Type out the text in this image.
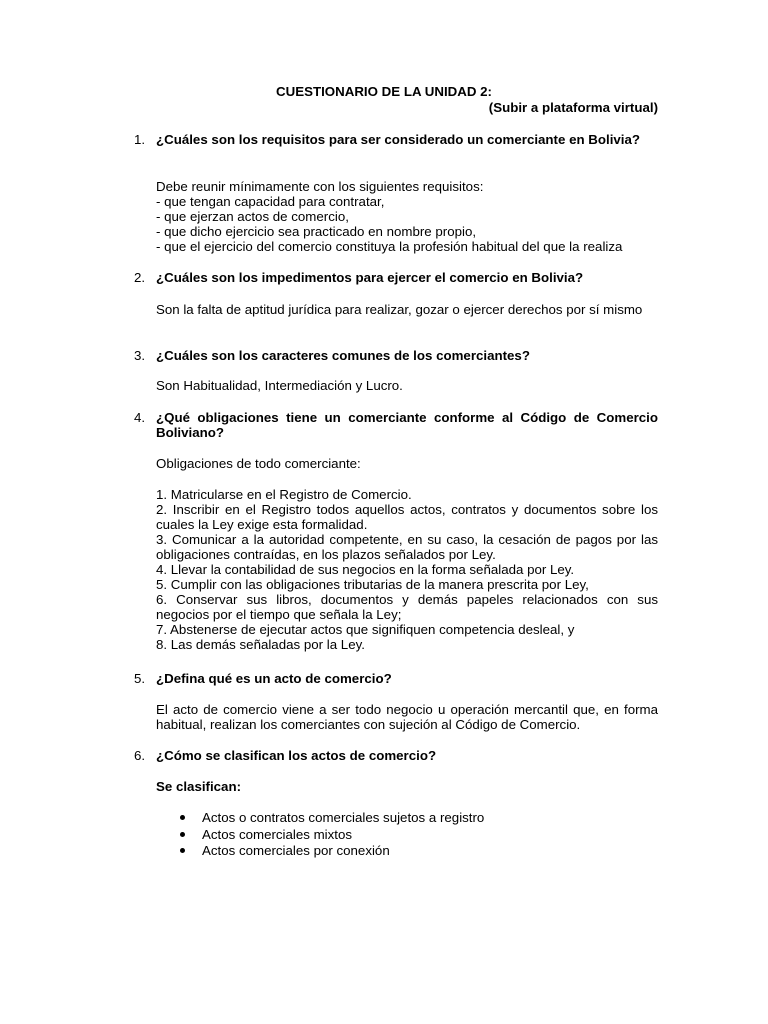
CUESTIONARIO DE LA UNIDAD 2:
(Subir a plataforma virtual)
1. ¿Cuáles son los requisitos para ser considerado un comerciante en Bolivia?
Debe reunir mínimamente con los siguientes requisitos:
- que tengan capacidad para contratar,
- que ejerzan actos de comercio,
- que dicho ejercicio sea practicado en nombre propio,
- que el ejercicio del comercio constituya la profesión habitual del que la realiza
2. ¿Cuáles son los impedimentos para ejercer el comercio en Bolivia?
Son la falta de aptitud jurídica para realizar, gozar o ejercer derechos por sí mismo
3. ¿Cuáles son los caracteres comunes de los comerciantes?
Son Habitualidad, Intermediación y Lucro.
4. ¿Qué obligaciones tiene un comerciante conforme al Código de Comercio Boliviano?
Obligaciones de todo comerciante:
1. Matricularse en el Registro de Comercio.
2. Inscribir en el Registro todos aquellos actos, contratos y documentos sobre los cuales la Ley exige esta formalidad.
3. Comunicar a la autoridad competente, en su caso, la cesación de pagos por las obligaciones contraídas, en los plazos señalados por Ley.
4. Llevar la contabilidad de sus negocios en la forma señalada por Ley.
5. Cumplir con las obligaciones tributarias de la manera prescrita por Ley,
6. Conservar sus libros, documentos y demás papeles relacionados con sus negocios por el tiempo que señala la Ley;
7. Abstenerse de ejecutar actos que signifiquen competencia desleal, y
8. Las demás señaladas por la Ley.
5. ¿Defina qué es un acto de comercio?
El acto de comercio viene a ser todo negocio u operación mercantil que, en forma habitual, realizan los comerciantes con sujeción al Código de Comercio.
6. ¿Cómo se clasifican los actos de comercio?
Se clasifican:
Actos o contratos comerciales sujetos a registro
Actos comerciales mixtos
Actos comerciales por conexión
